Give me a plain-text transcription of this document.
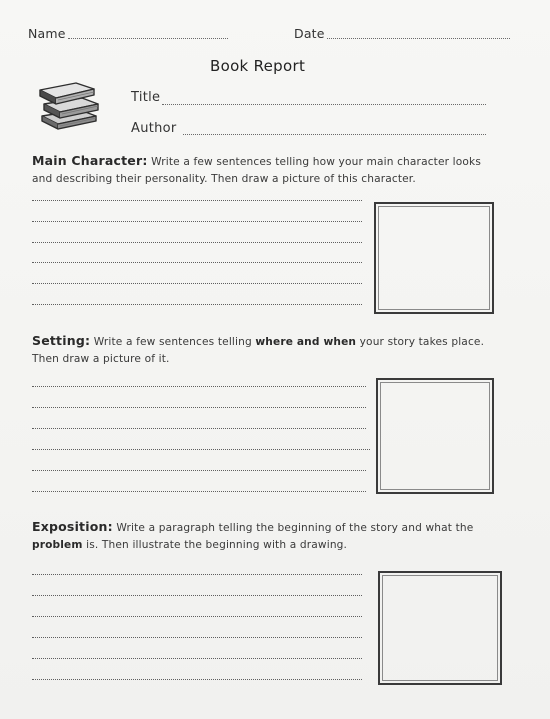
Name	Date
Book Report
Title
Author
Main Character: Write a few sentences telling how your main character looks
and describing their personality. Then draw a picture of this character.
Setting: Write a few sentences telling where and when your story takes place.
Then draw a picture of it.
Exposition: Write a paragraph telling the beginning of the story and what the
problem is. Then illustrate the beginning with a drawing.
